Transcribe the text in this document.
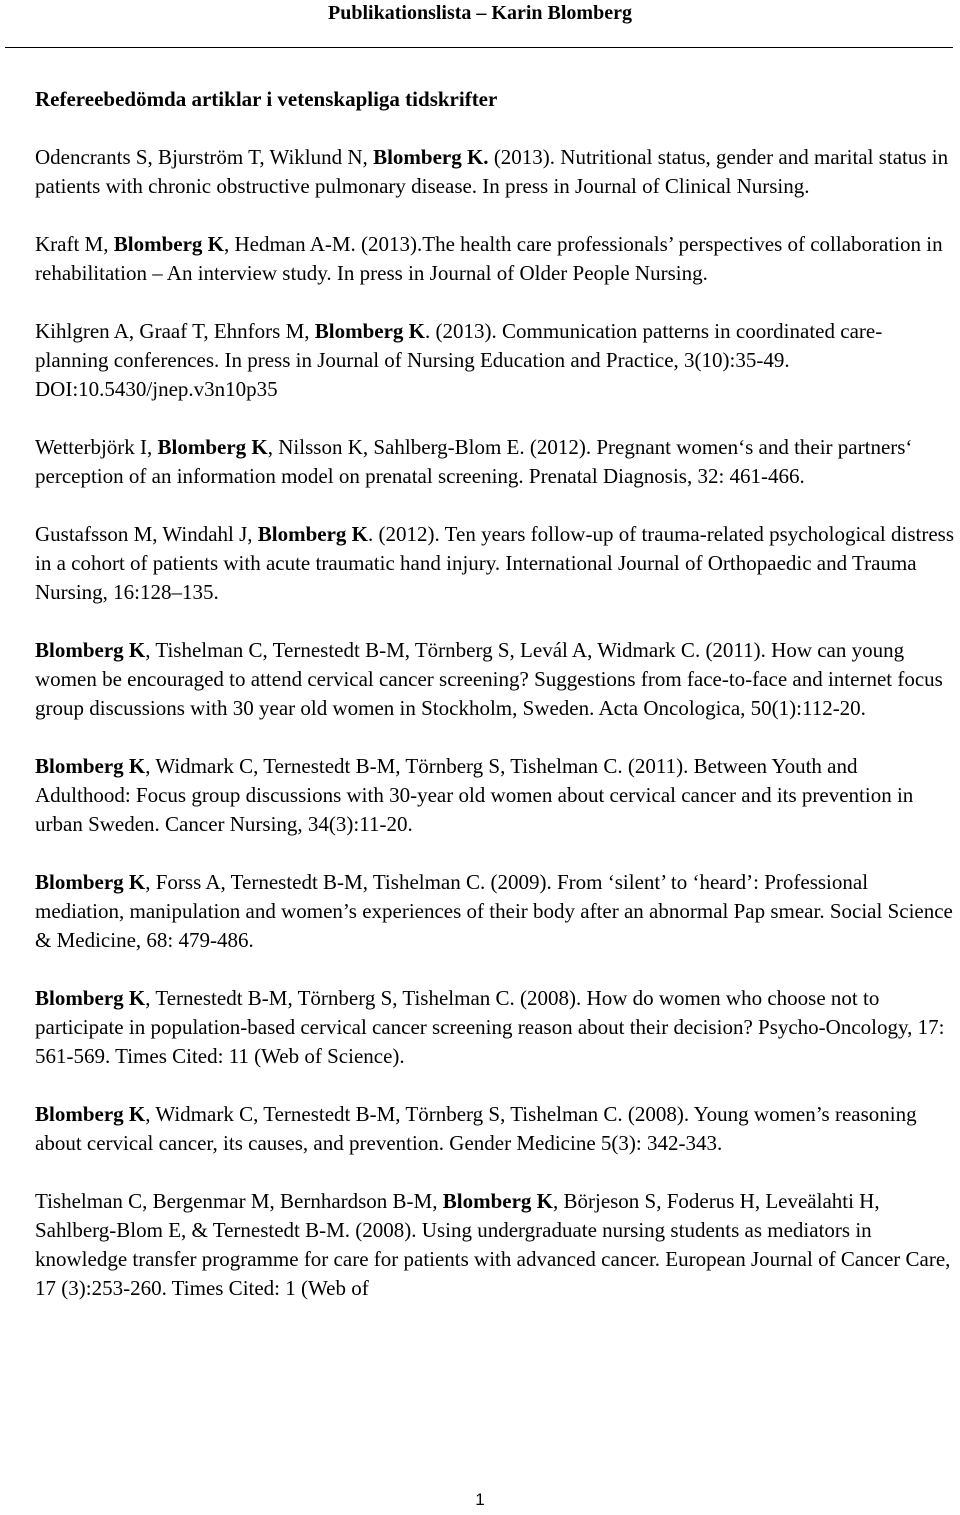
Publikationslista – Karin Blomberg
Refereebedömda artiklar i vetenskapliga tidskrifter

Odencrants S, Bjurström T, Wiklund N, Blomberg K. (2013). Nutritional status, gender and marital status in patients with chronic obstructive pulmonary disease. In press in Journal of Clinical Nursing.

Kraft M, Blomberg K, Hedman A-M. (2013).The health care professionals’ perspectives of collaboration in rehabilitation – An interview study. In press in Journal of Older People Nursing.

Kihlgren A, Graaf T, Ehnfors M, Blomberg K. (2013). Communication patterns in coordinated care-planning conferences. In press in Journal of Nursing Education and Practice, 3(10):35-49. DOI:10.5430/jnep.v3n10p35

Wetterbjörk I, Blomberg K, Nilsson K, Sahlberg-Blom E. (2012). Pregnant women‘s and their partners‘ perception of an information model on prenatal screening. Prenatal Diagnosis, 32: 461-466.

Gustafsson M, Windahl J, Blomberg K. (2012). Ten years follow-up of trauma-related psychological distress in a cohort of patients with acute traumatic hand injury. International Journal of Orthopaedic and Trauma Nursing, 16:128–135.

Blomberg K, Tishelman C, Ternestedt B-M, Törnberg S, Levál A, Widmark C. (2011). How can young women be encouraged to attend cervical cancer screening? Suggestions from face-to-face and internet focus group discussions with 30 year old women in Stockholm, Sweden. Acta Oncologica, 50(1):112-20.

Blomberg K, Widmark C, Ternestedt B-M, Törnberg S, Tishelman C. (2011). Between Youth and Adulthood: Focus group discussions with 30-year old women about cervical cancer and its prevention in urban Sweden. Cancer Nursing, 34(3):11-20.

Blomberg K, Forss A, Ternestedt B-M, Tishelman C. (2009). From ‘silent’ to ‘heard’: Professional mediation, manipulation and women’s experiences of their body after an abnormal Pap smear. Social Science & Medicine, 68: 479-486.

Blomberg K, Ternestedt B-M, Törnberg S, Tishelman C. (2008). How do women who choose not to participate in population-based cervical cancer screening reason about their decision? Psycho-Oncology, 17: 561-569. Times Cited: 11 (Web of Science).

Blomberg K, Widmark C, Ternestedt B-M, Törnberg S, Tishelman C. (2008). Young women’s reasoning about cervical cancer, its causes, and prevention. Gender Medicine 5(3): 342-343.

Tishelman C, Bergenmar M, Bernhardson B-M, Blomberg K, Börjeson S, Foderus H, Leveälahti H, Sahlberg-Blom E, & Ternestedt B-M. (2008). Using undergraduate nursing students as mediators in knowledge transfer programme for care for patients with advanced cancer. European Journal of Cancer Care, 17 (3):253-260. Times Cited: 1 (Web of

1
